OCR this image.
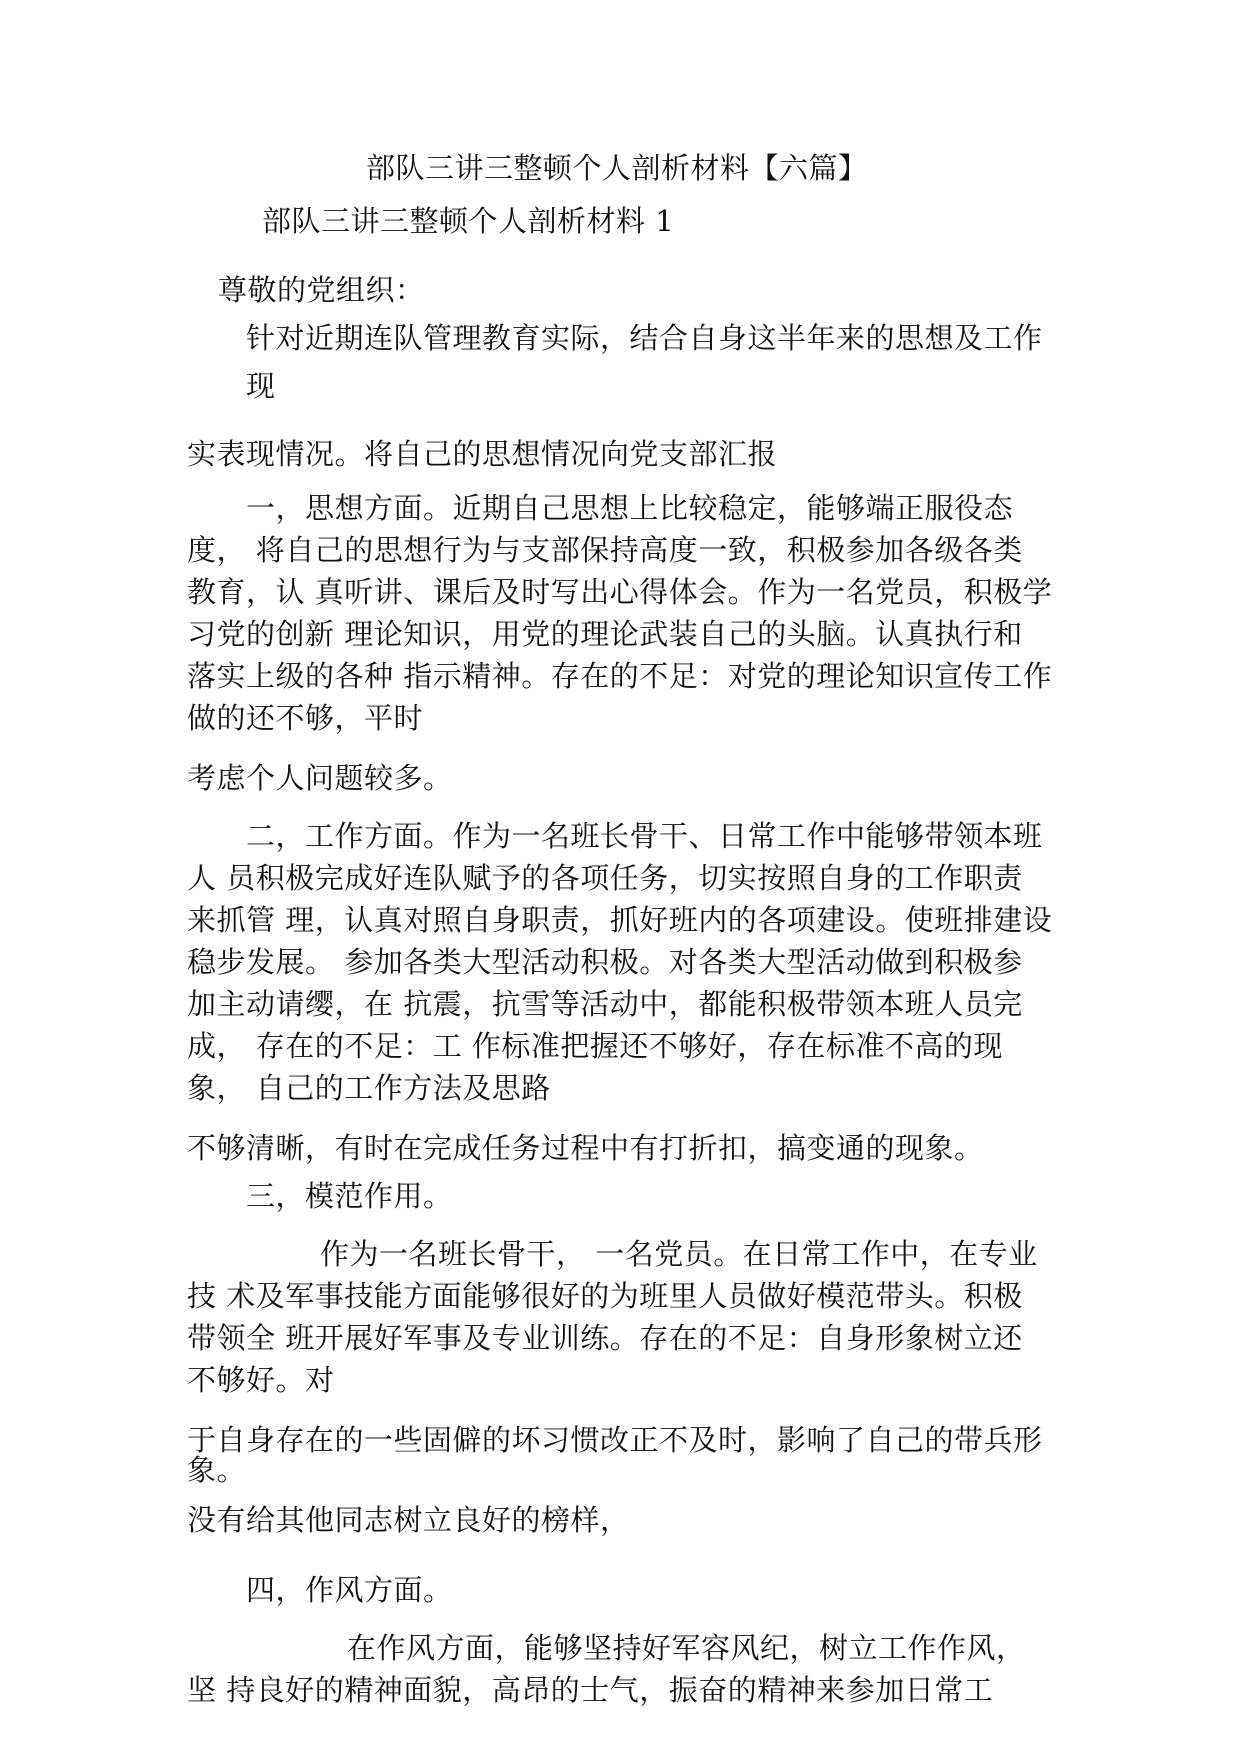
部队三讲三整顿个人剖析材料【六篇】
部队三讲三整顿个人剖析材料 1
尊敬的党组织：
针对近期连队管理教育实际，结合自身这半年来的思想及工作
现
实表现情况。将自己的思想情况向党支部汇报
一，思想方面。近期自己思想上比较稳定，能够端正服役态
度， 将自己的思想行为与支部保持高度一致，积极参加各级各类
教育，认 真听讲、课后及时写出心得体会。作为一名党员，积极学
习党的创新 理论知识，用党的理论武装自己的头脑。认真执行和
落实上级的各种 指示精神。存在的不足：对党的理论知识宣传工作
做的还不够，平时
考虑个人问题较多。
二，工作方面。作为一名班长骨干、日常工作中能够带领本班
人 员积极完成好连队赋予的各项任务，切实按照自身的工作职责
来抓管 理，认真对照自身职责，抓好班内的各项建设。使班排建设
稳步发展。 参加各类大型活动积极。对各类大型活动做到积极参
加主动请缨，在 抗震，抗雪等活动中，都能积极带领本班人员完
成， 存在的不足：工 作标准把握还不够好，存在标准不高的现
象， 自己的工作方法及思路
不够清晰，有时在完成任务过程中有打折扣，搞变通的现象。
三，模范作用。
作为一名班长骨干， 一名党员。在日常工作中，在专业
技 术及军事技能方面能够很好的为班里人员做好模范带头。积极
带领全 班开展好军事及专业训练。存在的不足：自身形象树立还
不够好。对
于自身存在的一些固僻的坏习惯改正不及时，影响了自己的带兵形
象。
没有给其他同志树立良好的榜样，
四，作风方面。
在作风方面，能够坚持好军容风纪，树立工作作风，
坚 持良好的精神面貌，高昂的士气，振奋的精神来参加日常工
